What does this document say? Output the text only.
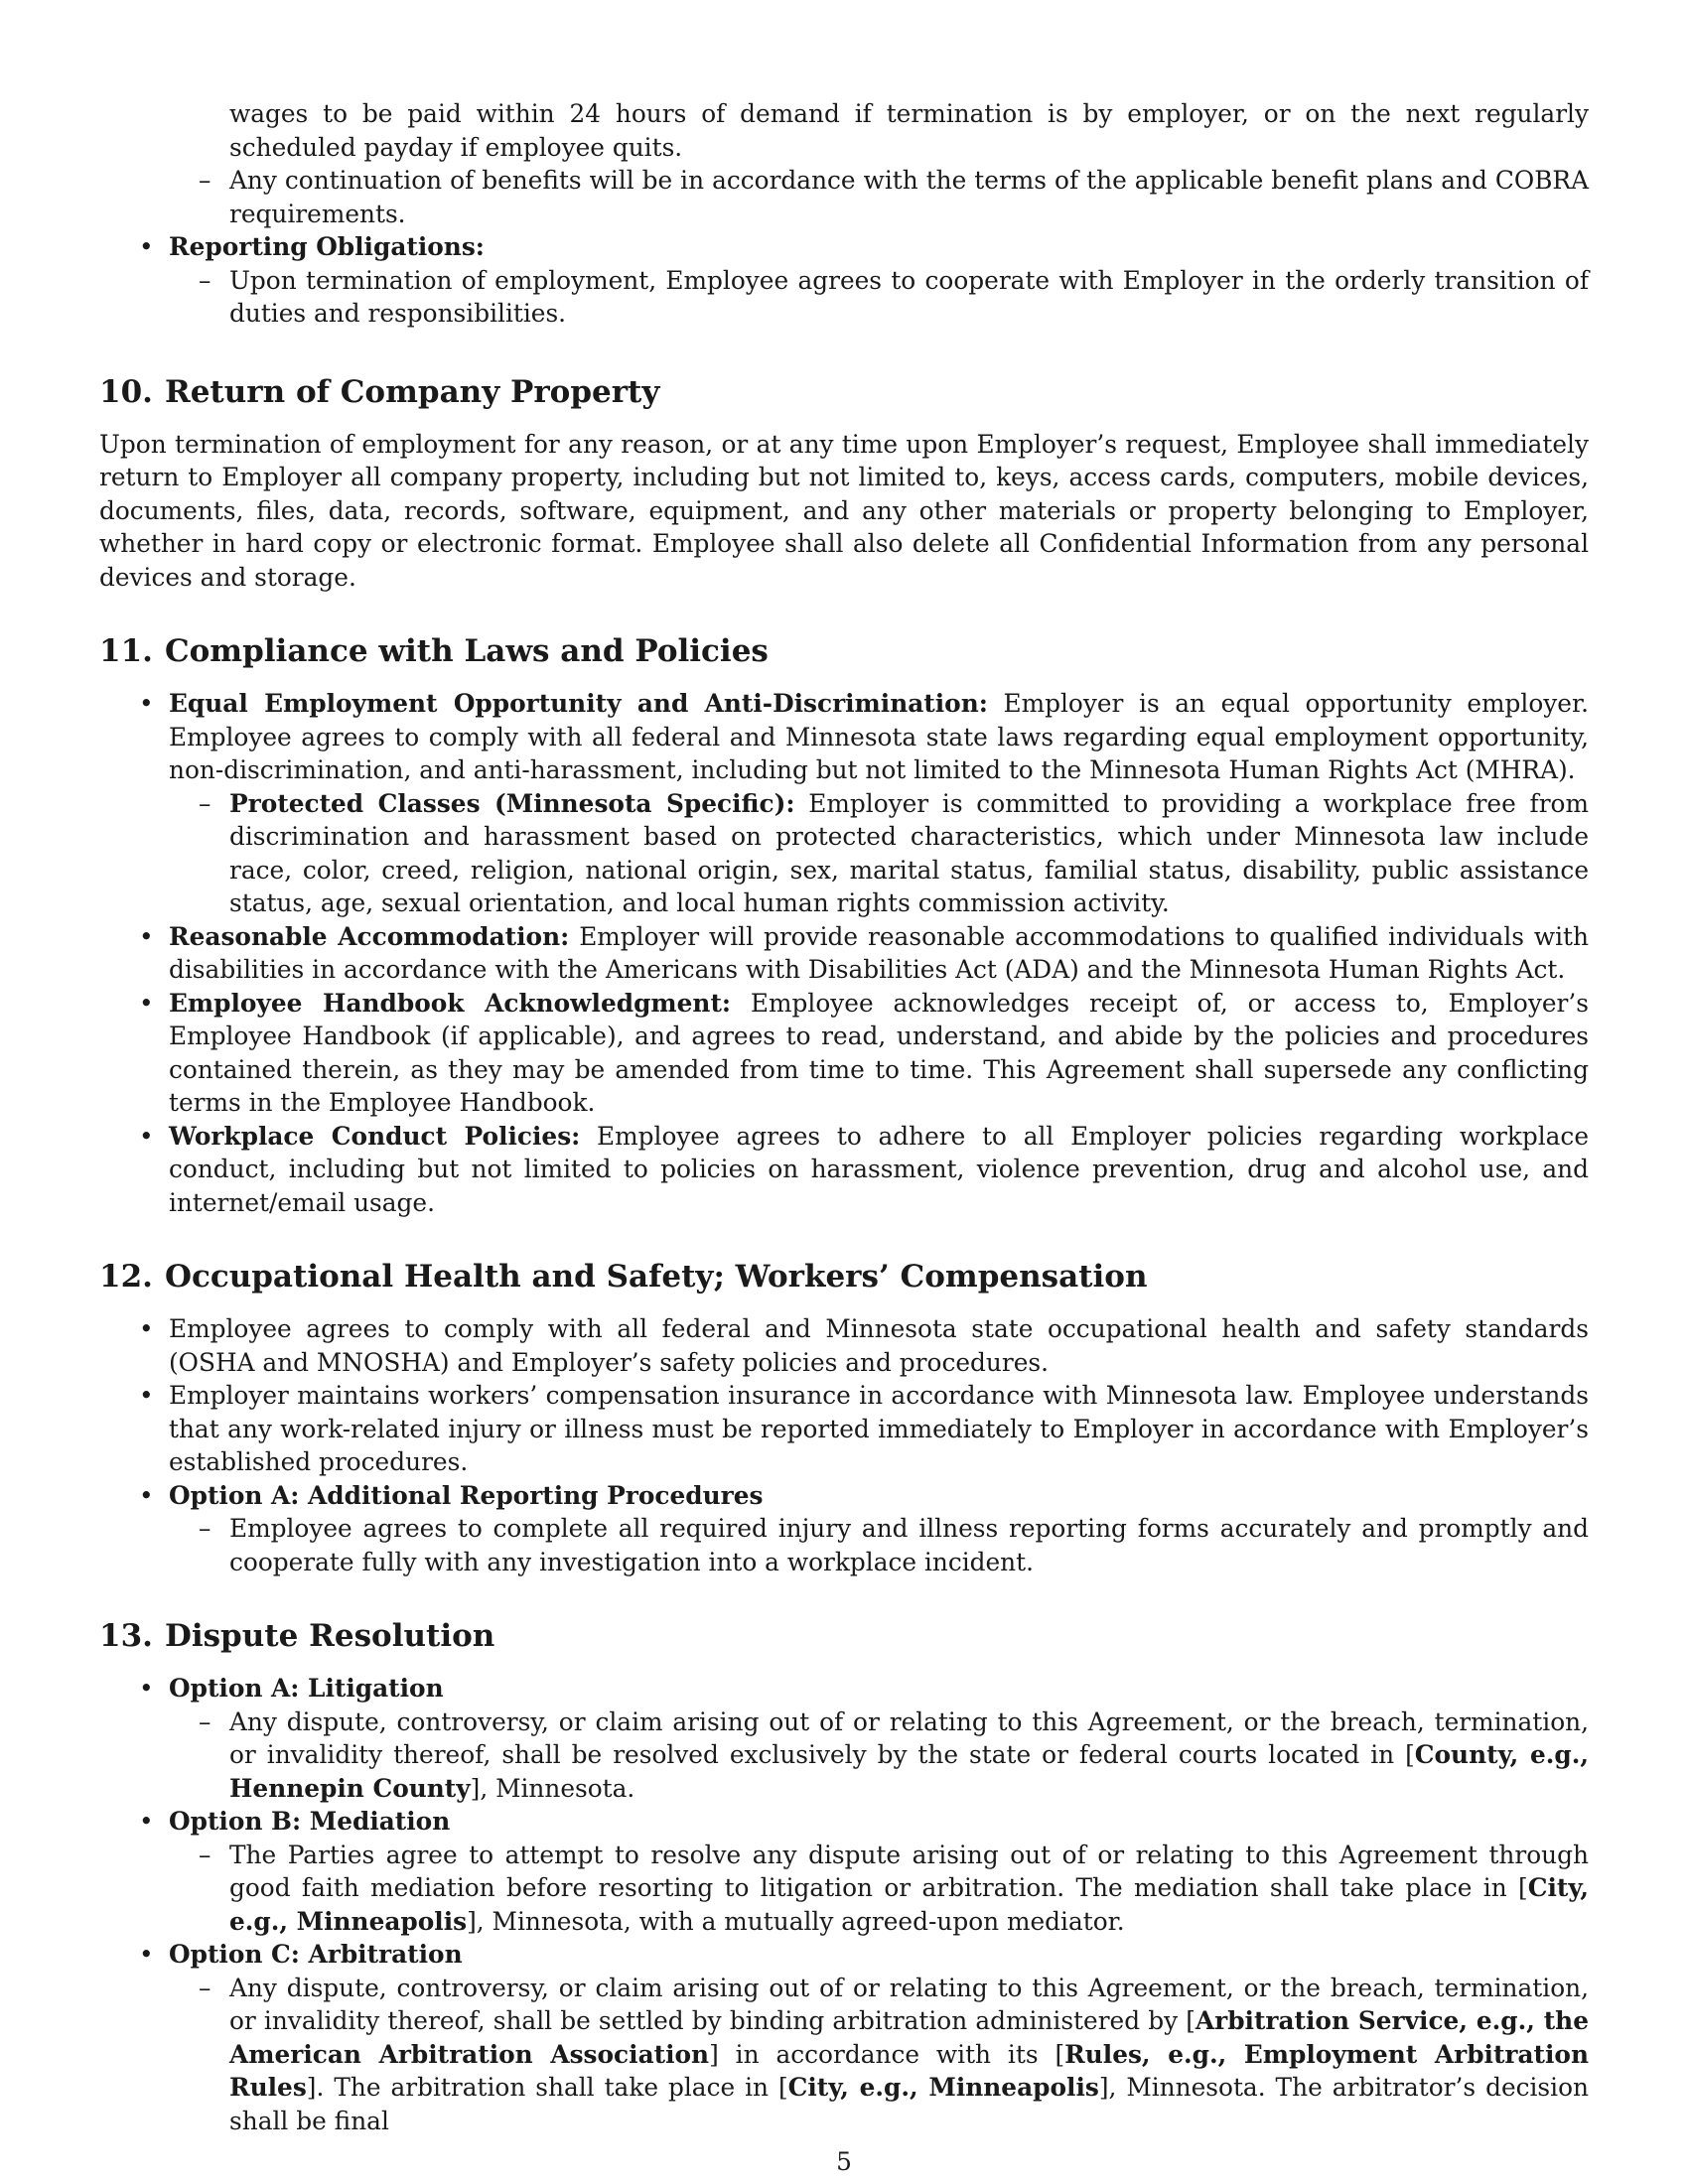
wages to be paid within 24 hours of demand if termination is by employer, or on the next regularly scheduled payday if employee quits.
– Any continuation of benefits will be in accordance with the terms of the applicable benefit plans and COBRA requirements.
• Reporting Obligations:
– Upon termination of employment, Employee agrees to cooperate with Employer in the orderly transition of duties and responsibilities.
10. Return of Company Property

Upon termination of employment for any reason, or at any time upon Employer’s request, Employee shall immediately return to Employer all company property, including but not limited to, keys, access cards, computers, mobile devices, documents, files, data, records, software, equipment, and any other materials or property belonging to Employer, whether in hard copy or electronic format. Employee shall also delete all Confidential Information from any personal devices and storage.

11. Compliance with Laws and Policies
• Equal Employment Opportunity and Anti-Discrimination: Employer is an equal opportunity employer. Employee agrees to comply with all federal and Minnesota state laws regarding equal employment opportunity, non-discrimination, and anti-harassment, including but not limited to the Minnesota Human Rights Act (MHRA).
– Protected Classes (Minnesota Specific): Employer is committed to providing a workplace free from discrimination and harassment based on protected characteristics, which under Minnesota law include race, color, creed, religion, national origin, sex, marital status, familial status, disability, public assistance status, age, sexual orientation, and local human rights commission activity.
• Reasonable Accommodation: Employer will provide reasonable accommodations to qualified individuals with disabilities in accordance with the Americans with Disabilities Act (ADA) and the Minnesota Human Rights Act.
• Employee Handbook Acknowledgment: Employee acknowledges receipt of, or access to, Employer’s Employee Handbook (if applicable), and agrees to read, understand, and abide by the policies and procedures contained therein, as they may be amended from time to time. This Agreement shall supersede any conflicting terms in the Employee Handbook.
• Workplace Conduct Policies: Employee agrees to adhere to all Employer policies regarding workplace conduct, including but not limited to policies on harassment, violence prevention, drug and alcohol use, and internet/email usage.
12. Occupational Health and Safety; Workers’ Compensation
• Employee agrees to comply with all federal and Minnesota state occupational health and safety standards (OSHA and MNOSHA) and Employer’s safety policies and procedures.
• Employer maintains workers’ compensation insurance in accordance with Minnesota law. Employee understands that any work-related injury or illness must be reported immediately to Employer in accordance with Employer’s established procedures.
• Option A: Additional Reporting Procedures
– Employee agrees to complete all required injury and illness reporting forms accurately and promptly and cooperate fully with any investigation into a workplace incident.
13. Dispute Resolution
• Option A: Litigation
– Any dispute, controversy, or claim arising out of or relating to this Agreement, or the breach, termination, or invalidity thereof, shall be resolved exclusively by the state or federal courts located in [County, e.g., Hennepin County], Minnesota.
• Option B: Mediation
– The Parties agree to attempt to resolve any dispute arising out of or relating to this Agreement through good faith mediation before resorting to litigation or arbitration. The mediation shall take place in [City, e.g., Minneapolis], Minnesota, with a mutually agreed-upon mediator.
• Option C: Arbitration
– Any dispute, controversy, or claim arising out of or relating to this Agreement, or the breach, termination, or invalidity thereof, shall be settled by binding arbitration administered by [Arbitration Service, e.g., the American Arbitration Association] in accordance with its [Rules, e.g., Employment Arbitration Rules]. The arbitration shall take place in [City, e.g., Minneapolis], Minnesota. The arbitrator’s decision shall be final
5
